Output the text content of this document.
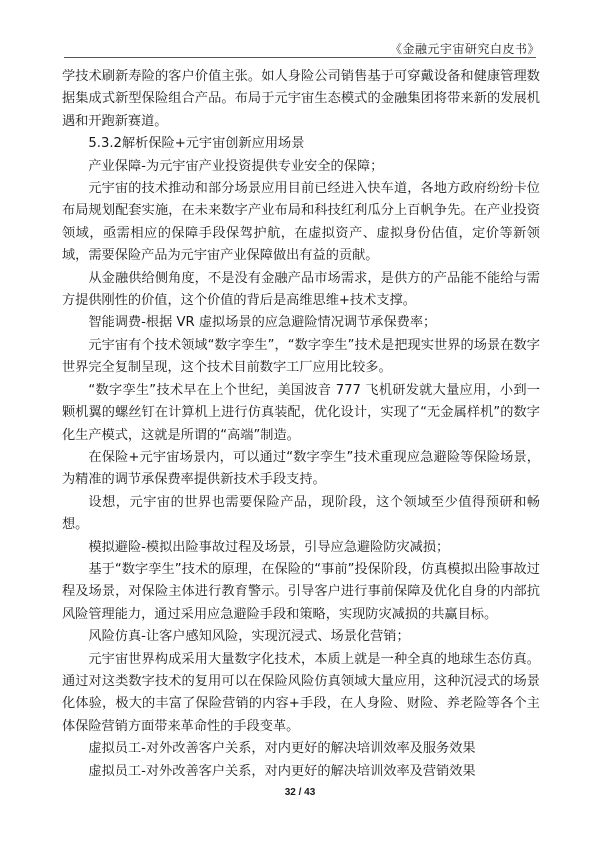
《金融元宇宙研究白皮书》

学技术刷新寿险的客户价值主张。如人身险公司销售基于可穿戴设备和健康管理数据集成式新型保险组合产品。布局于元宇宙生态模式的金融集团将带来新的发展机遇和开跑新赛道。

5.3.2解析保险+元宇宙创新应用场景

产业保障-为元宇宙产业投资提供专业安全的保障；

元宇宙的技术推动和部分场景应用目前已经进入快车道，各地方政府纷纷卡位布局规划配套实施，在未来数字产业布局和科技红利瓜分上百帆争先。在产业投资领域，亟需相应的保障手段保驾护航，在虚拟资产、虚拟身份估值，定价等新领域，需要保险产品为元宇宙产业保障做出有益的贡献。

从金融供给侧角度，不是没有金融产品市场需求，是供方的产品能不能给与需方提供刚性的价值，这个价值的背后是高维思维+技术支撑。

智能调费-根据 VR 虚拟场景的应急避险情况调节承保费率；

元宇宙有个技术领域“数字孪生”，“数字孪生”技术是把现实世界的场景在数字世界完全复制呈现，这个技术目前数字工厂应用比较多。

“数字孪生”技术早在上个世纪，美国波音 777 飞机研发就大量应用，小到一颗机翼的螺丝钉在计算机上进行仿真装配，优化设计，实现了“无金属样机”的数字化生产模式，这就是所谓的“高端”制造。

在保险+元宇宙场景内，可以通过“数字孪生”技术重现应急避险等保险场景，为精准的调节承保费率提供新技术手段支持。

设想，元宇宙的世界也需要保险产品，现阶段，这个领域至少值得预研和畅想。

模拟避险-模拟出险事故过程及场景，引导应急避险防灾减损；

基于“数字孪生”技术的原理，在保险的“事前”投保阶段，仿真模拟出险事故过程及场景，对保险主体进行教育警示。引导客户进行事前保障及优化自身的内部抗风险管理能力，通过采用应急避险手段和策略，实现防灾减损的共赢目标。

风险仿真-让客户感知风险，实现沉浸式、场景化营销；

元宇宙世界构成采用大量数字化技术，本质上就是一种全真的地球生态仿真。通过对这类数字技术的复用可以在保险风险仿真领域大量应用，这种沉浸式的场景化体验，极大的丰富了保险营销的内容+手段，在人身险、财险、养老险等各个主体保险营销方面带来革命性的手段变革。

虚拟员工-对外改善客户关系，对内更好的解决培训效率及服务效果

虚拟员工-对外改善客户关系，对内更好的解决培训效率及营销效果

32 / 43
